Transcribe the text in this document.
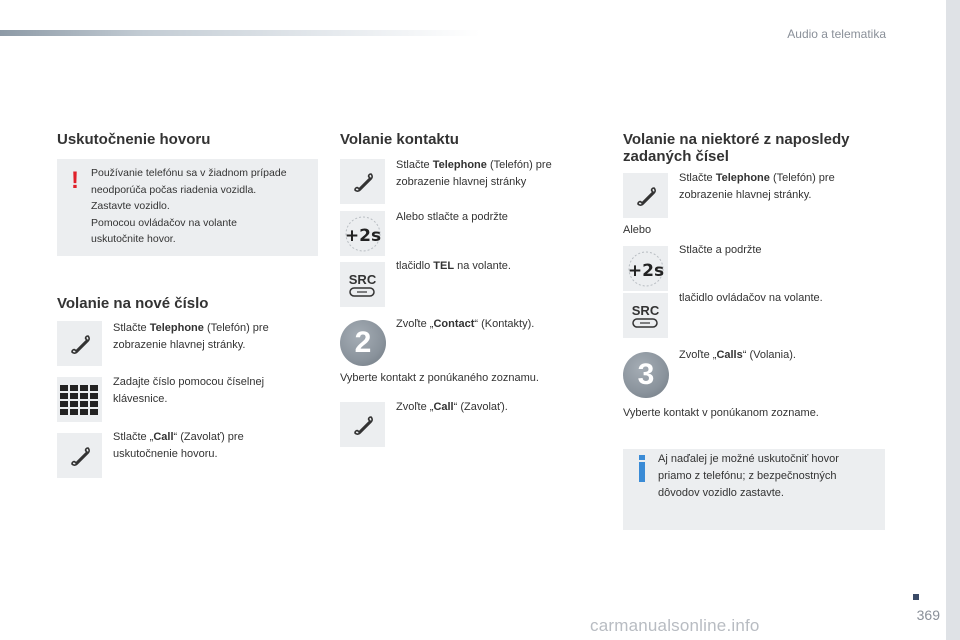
Audio a telematika
Uskutočnenie hovoru
! Používanie telefónu sa v žiadnom prípade
neodporúča počas riadenia vozidla.
Zastavte vozidlo.
Pomocou ovládačov na volante
uskutočnite hovor.
Volanie na nové číslo
Stlačte Telephone (Telefón) pre
zobrazenie hlavnej stránky.
Zadajte číslo pomocou číselnej
klávesnice.
Stlačte „Call“ (Zavolať) pre
uskutočnenie hovoru.
Volanie kontaktu
Stlačte Telephone (Telefón) pre
zobrazenie hlavnej stránky
+2s
Alebo stlačte a podržte
SRC
tlačidlo TEL na volante.
2
Zvoľte „Contact“ (Kontakty).
Vyberte kontakt z ponúkaného zoznamu.
Zvoľte „Call“ (Zavolať).
Volanie na niektoré z naposledy
zadaných čísel
Stlačte Telephone (Telefón) pre
zobrazenie hlavnej stránky.
Alebo
+2s
Stlačte a podržte
SRC
tlačidlo ovládačov na volante.
3
Zvoľte „Calls“ (Volania).
Vyberte kontakt v ponúkanom zozname.
Aj naďalej je možné uskutočniť hovor
priamo z telefónu; z bezpečnostných
dôvodov vozidlo zastavte.
369
carmanualsonline.info
